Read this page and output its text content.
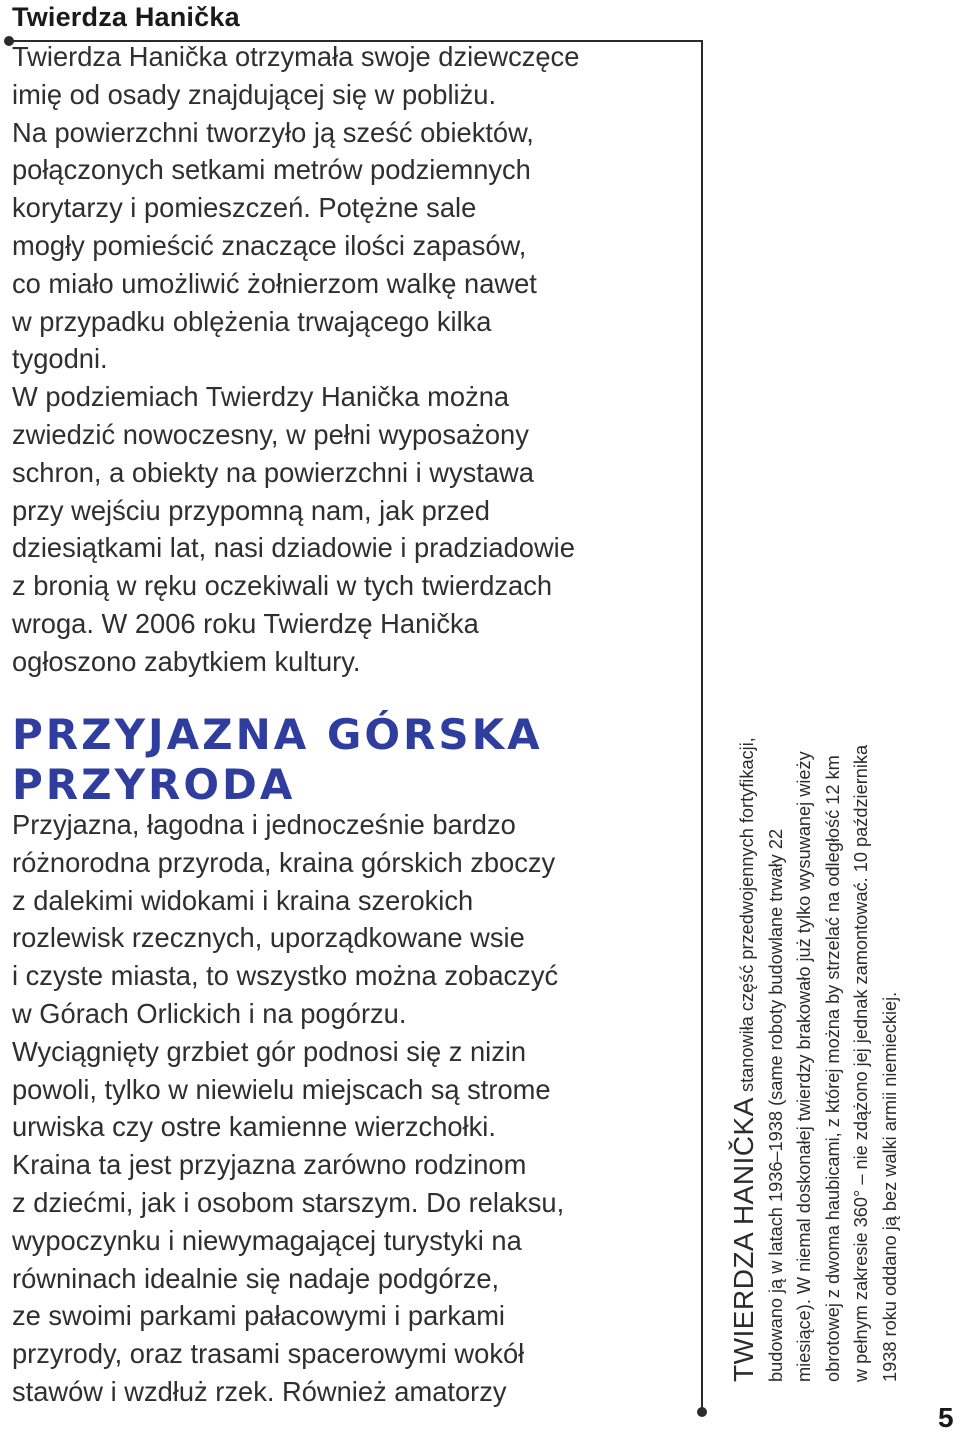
Twierdza Hanička
Twierdza Hanička otrzymała swoje dziewczęce
imię od osady znajdującej się w pobliżu.
Na powierzchni tworzyło ją sześć obiektów,
połączonych setkami metrów podziemnych
korytarzy i pomieszczeń. Potężne sale
mogły pomieścić znaczące ilości zapasów,
co miało umożliwić żołnierzom walkę nawet
w przypadku oblężenia trwającego kilka
tygodni.
W podziemiach Twierdzy Hanička można
zwiedzić nowoczesny, w pełni wyposażony
schron, a obiekty na powierzchni i wystawa
przy wejściu przypomną nam, jak przed
dziesiątkami lat, nasi dziadowie i pradziadowie
z bronią w ręku oczekiwali w tych twierdzach
wroga. W 2006 roku Twierdzę Hanička
ogłoszono zabytkiem kultury.
PRZYJAZNA GÓRSKA
PRZYRODA
Przyjazna, łagodna i jednocześnie bardzo
różnorodna przyroda, kraina górskich zboczy
z dalekimi widokami i kraina szerokich
rozlewisk rzecznych, uporządkowane wsie
i czyste miasta, to wszystko można zobaczyć
w Górach Orlickich i na pogórzu.
Wyciągnięty grzbiet gór podnosi się z nizin
powoli, tylko w niewielu miejscach są strome
urwiska czy ostre kamienne wierzchołki.
Kraina ta jest przyjazna zarówno rodzinom
z dziećmi, jak i osobom starszym. Do relaksu,
wypoczynku i niewymagającej turystyki na
równinach idealnie się nadaje podgórze,
ze swoimi parkami pałacowymi i parkami
przyrody, oraz trasami spacerowymi wokół
stawów i wzdłuż rzek. Również amatorzy
TWIERDZA HANIČKA stanowiła część przedwojennych fortyfikacji, budowano ją w latach 1936–1938 (same roboty budowlane trwały 22 miesiące). W niemal doskonałej twierdzy brakowało już tylko wysuwanej wieży obrotowej z dwoma haubicami, z której można by strzelać na odległość 12 km w pełnym zakresie 360° – nie zdążono jej jednak zamontować. 10 października 1938 roku oddano ją bez walki armii niemieckiej.
5
